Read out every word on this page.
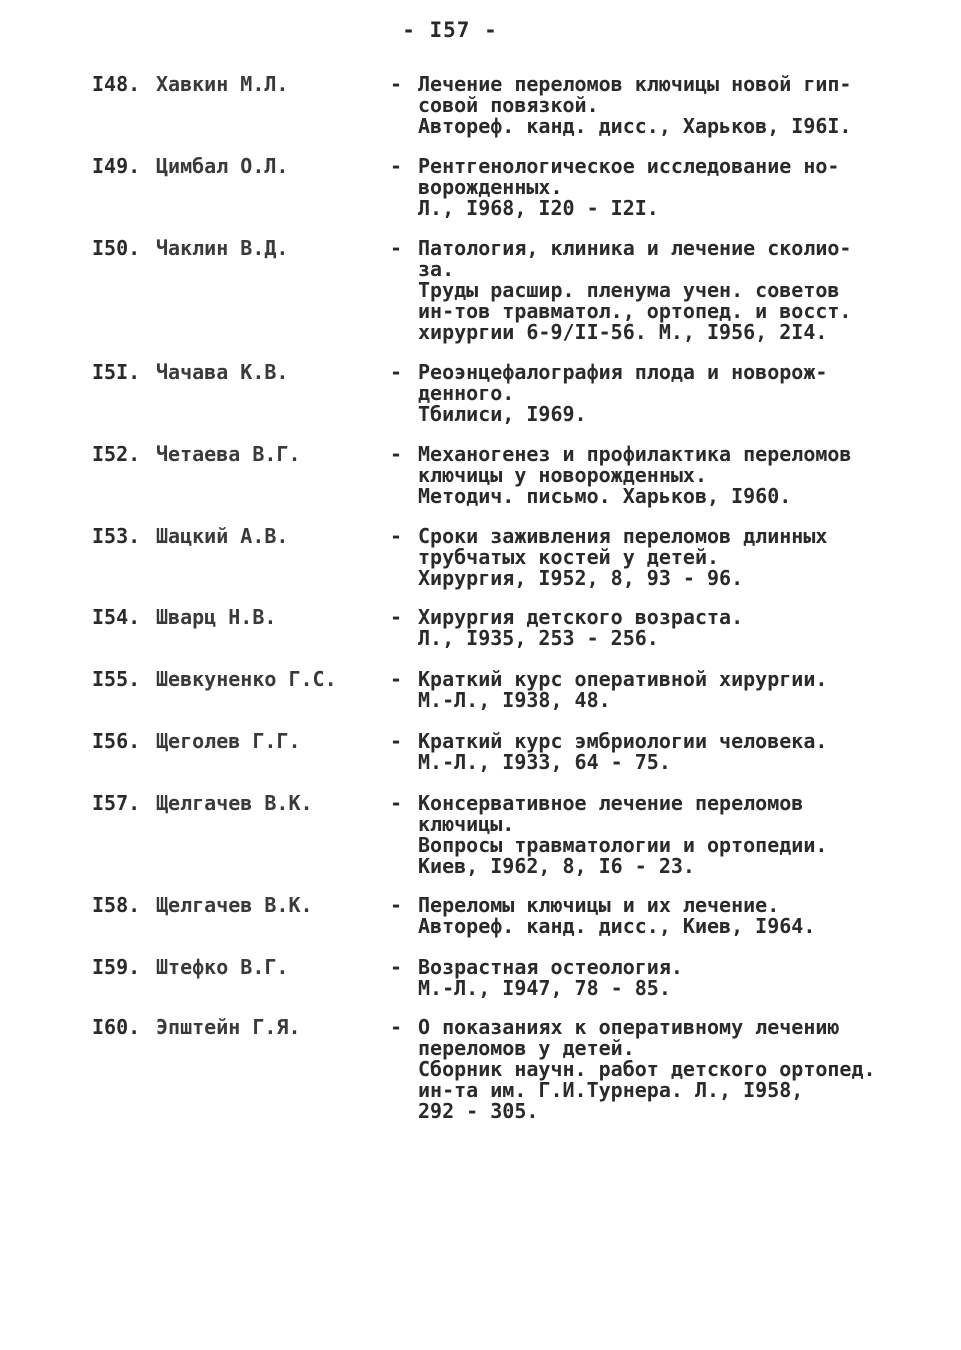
- I57 -
I48. Хавкин М.Л.	- Лечение переломов ключицы новой гип-
совой повязкой.
Автореф. канд. дисс., Харьков, I96I.
I49. Цимбал О.Л.	- Рентгенологическое исследование но-
ворожденных.
Л., I968, I20 - I2I.
I50. Чаклин В.Д.	- Патология, клиника и лечение сколио-
за.
Труды расшир. пленума учен. советов
ин-тов травматол., ортопед. и восст.
хирургии 6-9/II-56. М., I956, 2I4.
I5I. Чачава К.В.	- Реоэнцефалография плода и новорож-
денного.
Тбилиси, I969.
I52. Четаева В.Г.	- Механогенез и профилактика переломов
ключицы у новорожденных.
Методич. письмо. Харьков, I960.
I53. Шацкий А.В.	- Сроки заживления переломов длинных
трубчатых костей у детей.
Хирургия, I952, 8, 93 - 96.
I54. Шварц Н.В.	- Хирургия детского возраста.
Л., I935, 253 - 256.
I55. Шевкуненко Г.С.	- Краткий курс оперативной хирургии.
М.-Л., I938, 48.
I56. Щеголев Г.Г.	- Краткий курс эмбриологии человека.
М.-Л., I933, 64 - 75.
I57. Щелгачев В.К.	- Консервативное лечение переломов
ключицы.
Вопросы травматологии и ортопедии.
Киев, I962, 8, I6 - 23.
I58. Щелгачев В.К.	- Переломы ключицы и их лечение.
Автореф. канд. дисс., Киев, I964.
I59. Штефко В.Г.	- Возрастная остеология.
М.-Л., I947, 78 - 85.
I60. Эпштейн Г.Я.	- О показаниях к оперативному лечению
переломов у детей.
Сборник научн. работ детского ортопед.
ин-та им. Г.И.Турнера. Л., I958,
292 - 305.
